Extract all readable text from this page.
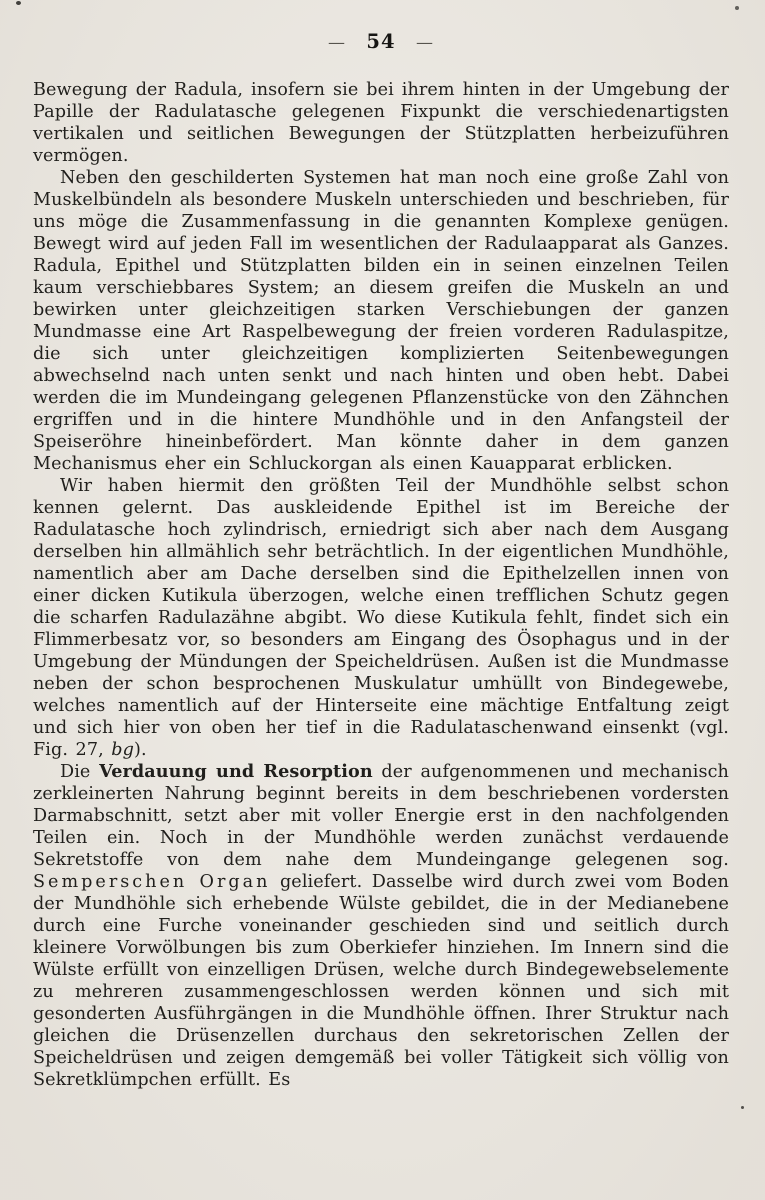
— 54 —

Bewegung der Radula, insofern sie bei ihrem hinten in der Umgebung der Papille der Radulatasche gelegenen Fixpunkt die verschiedenartigsten vertikalen und seitlichen Bewegungen der Stützplatten herbeizuführen vermögen.

Neben den geschilderten Systemen hat man noch eine große Zahl von Muskelbündeln als besondere Muskeln unterschieden und beschrieben, für uns möge die Zusammenfassung in die genannten Komplexe genügen. Bewegt wird auf jeden Fall im wesentlichen der Radulaapparat als Ganzes. Radula, Epithel und Stützplatten bilden ein in seinen einzelnen Teilen kaum verschiebbares System; an diesem greifen die Muskeln an und bewirken unter gleichzeitigen starken Verschiebungen der ganzen Mundmasse eine Art Raspelbewegung der freien vorderen Radulaspitze, die sich unter gleichzeitigen komplizierten Seitenbewegungen abwechselnd nach unten senkt und nach hinten und oben hebt. Dabei werden die im Mundeingang gelegenen Pflanzenstücke von den Zähnchen ergriffen und in die hintere Mundhöhle und in den Anfangsteil der Speiseröhre hineinbefördert. Man könnte daher in dem ganzen Mechanismus eher ein Schluckorgan als einen Kauapparat erblicken.

Wir haben hiermit den größten Teil der Mundhöhle selbst schon kennen gelernt. Das auskleidende Epithel ist im Bereiche der Radulatasche hoch zylindrisch, erniedrigt sich aber nach dem Ausgang derselben hin allmählich sehr beträchtlich. In der eigentlichen Mundhöhle, namentlich aber am Dache derselben sind die Epithelzellen innen von einer dicken Kutikula überzogen, welche einen trefflichen Schutz gegen die scharfen Radulazähne abgibt. Wo diese Kutikula fehlt, findet sich ein Flimmerbesatz vor, so besonders am Eingang des Ösophagus und in der Umgebung der Mündungen der Speicheldrüsen. Außen ist die Mundmasse neben der schon besprochenen Muskulatur umhüllt von Bindegewebe, welches namentlich auf der Hinterseite eine mächtige Entfaltung zeigt und sich hier von oben her tief in die Radulataschenwand einsenkt (vgl. Fig. 27, bg).

Die Verdauung und Resorption der aufgenommenen und mechanisch zerkleinerten Nahrung beginnt bereits in dem beschriebenen vordersten Darmabschnitt, setzt aber mit voller Energie erst in den nachfolgenden Teilen ein. Noch in der Mundhöhle werden zunächst verdauende Sekretstoffe von dem nahe dem Mundeingange gelegenen sog. Semperschen Organ geliefert. Dasselbe wird durch zwei vom Boden der Mundhöhle sich erhebende Wülste gebildet, die in der Medianebene durch eine Furche voneinander geschieden sind und seitlich durch kleinere Vorwölbungen bis zum Oberkiefer hinziehen. Im Innern sind die Wülste erfüllt von einzelligen Drüsen, welche durch Bindegewebselemente zu mehreren zusammengeschlossen werden können und sich mit gesonderten Ausführgängen in die Mundhöhle öffnen. Ihrer Struktur nach gleichen die Drüsenzellen durchaus den sekretorischen Zellen der Speicheldrüsen und zeigen demgemäß bei voller Tätigkeit sich völlig von Sekretklümpchen erfüllt. Es
